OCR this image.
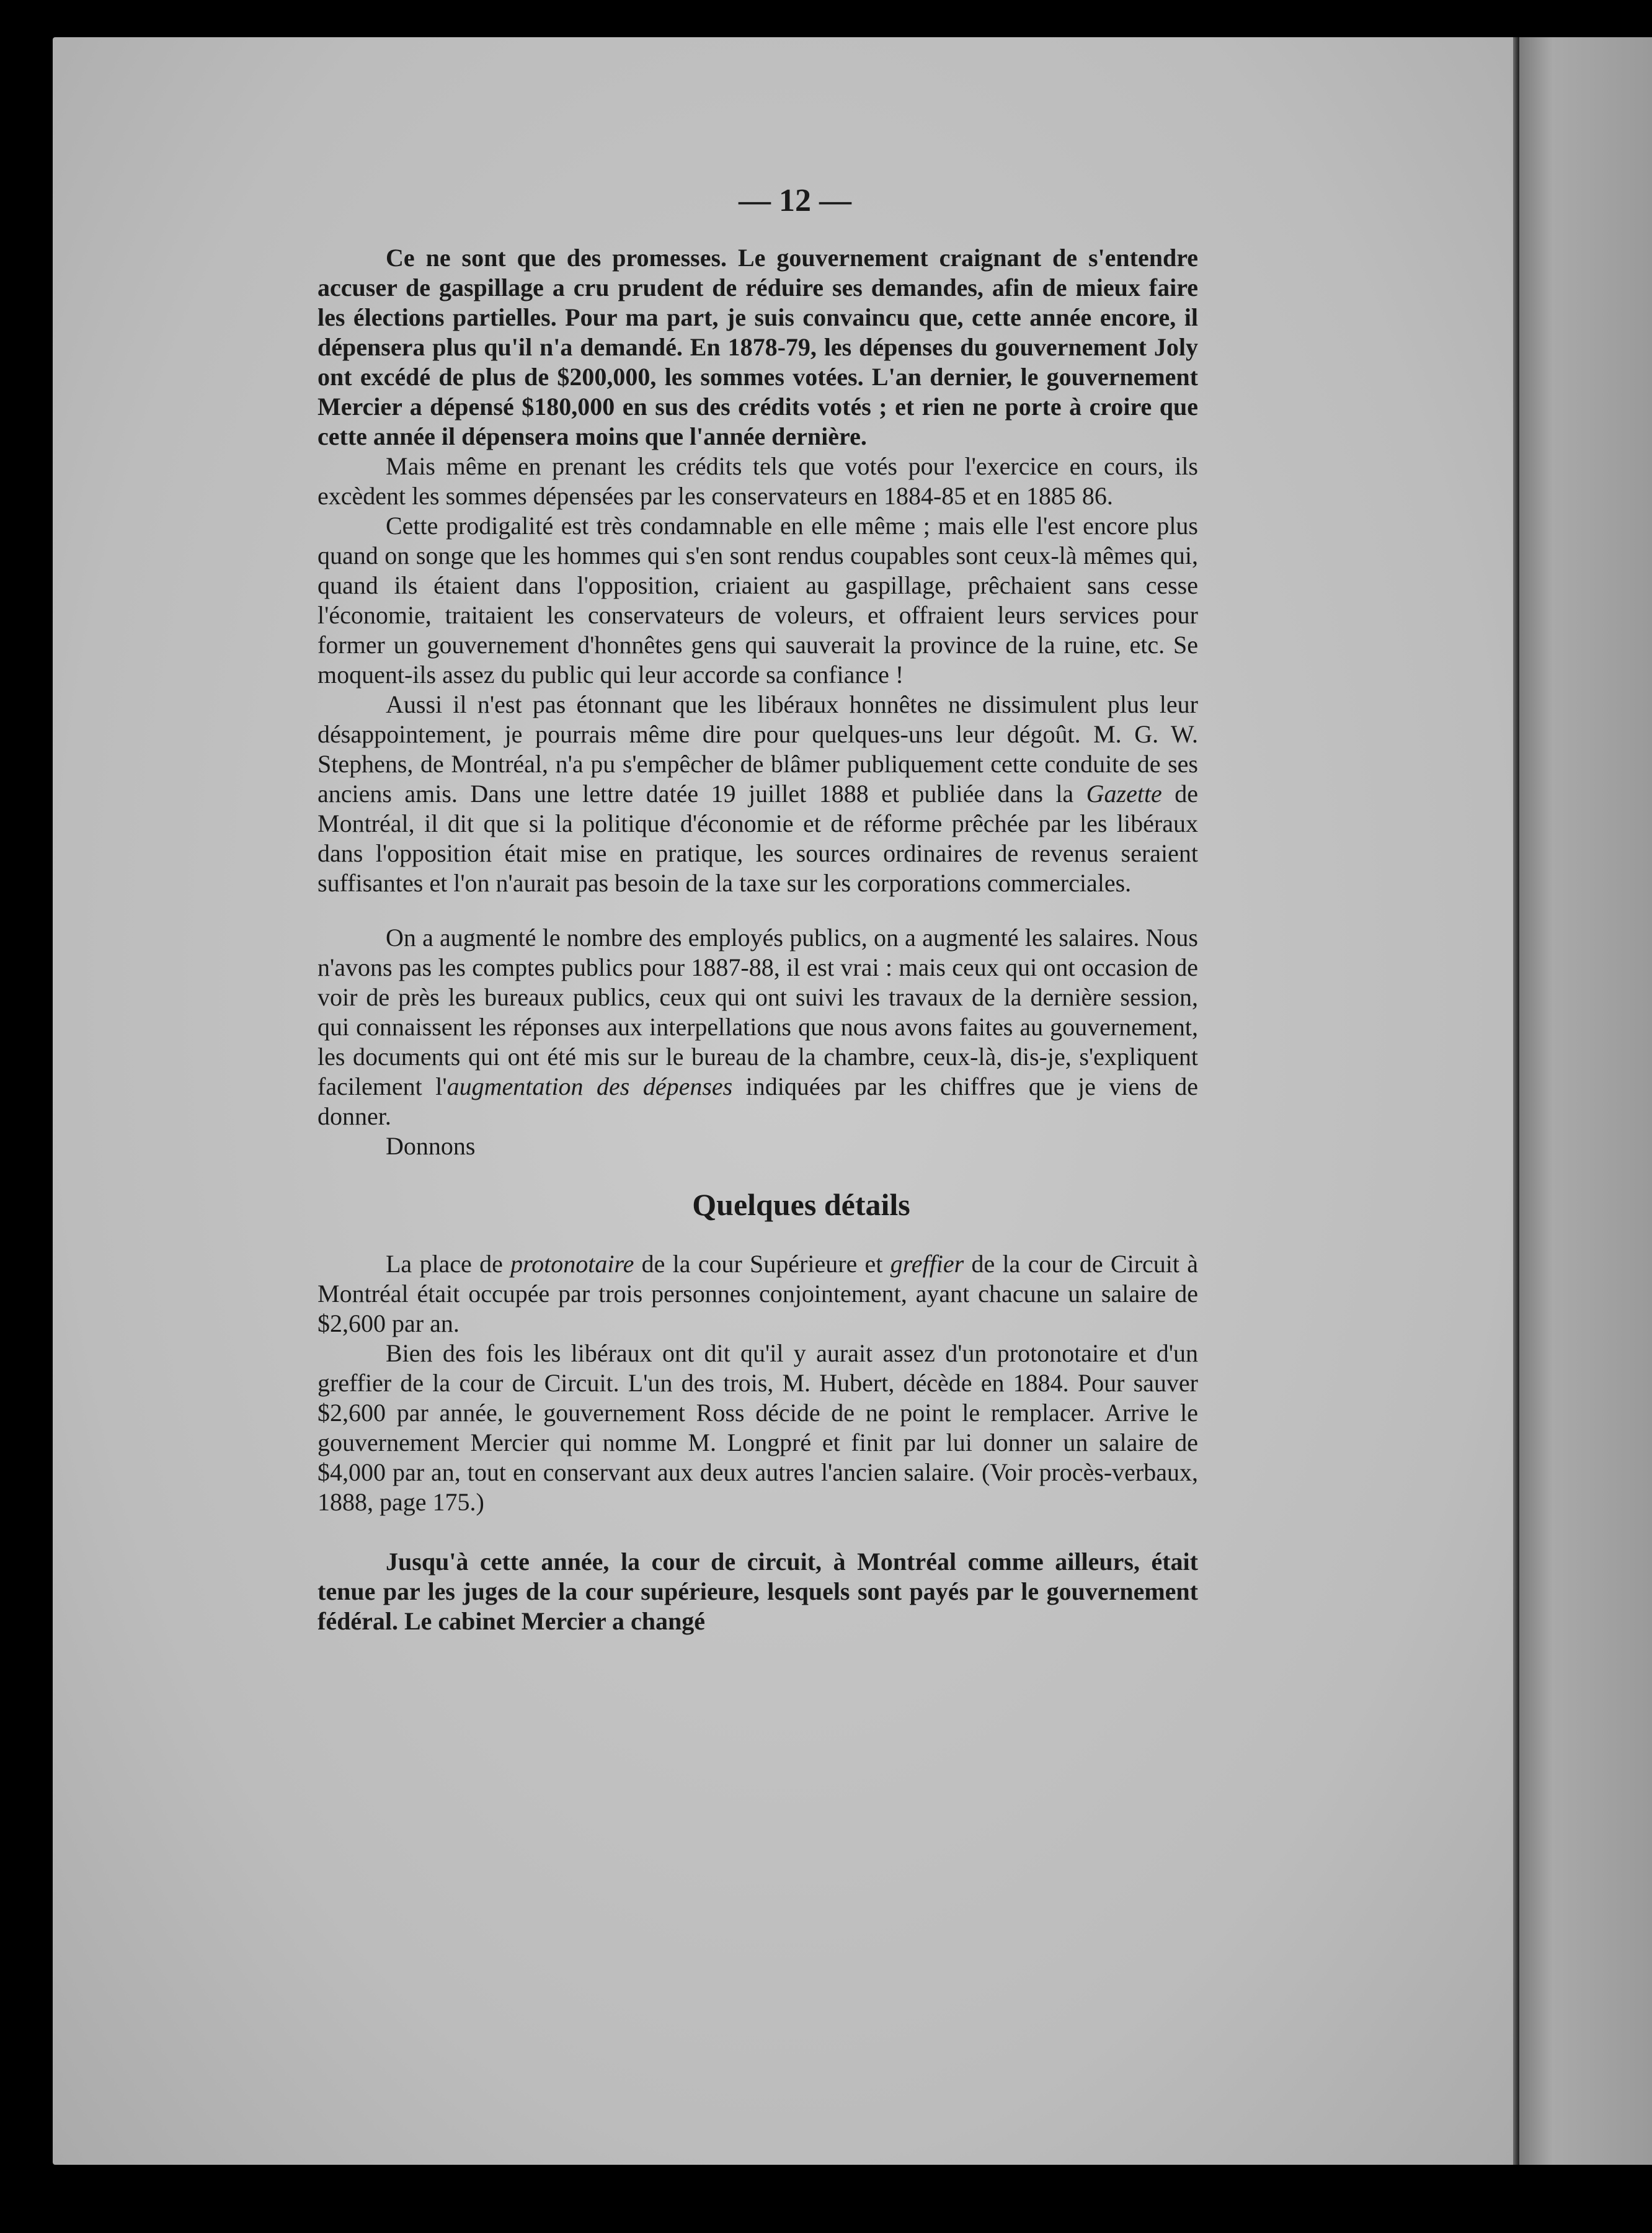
— 12 —

Ce ne sont que des promesses. Le gouvernement craignant de s'entendre accuser de gaspillage a cru prudent de réduire ses demandes, afin de mieux faire les élections partielles. Pour ma part, je suis convaincu que, cette année encore, il dépensera plus qu'il n'a demandé. En 1878-79, les dépenses du gouvernement Joly ont excédé de plus de $200,000, les sommes votées. L'an dernier, le gouvernement Mercier a dépensé $180,000 en sus des crédits votés ; et rien ne porte à croire que cette année il dépensera moins que l'année dernière.

Mais même en prenant les crédits tels que votés pour l'exercice en cours, ils excèdent les sommes dépensées par les conservateurs en 1884-85 et en 1885 86.

Cette prodigalité est très condamnable en elle même ; mais elle l'est encore plus quand on songe que les hommes qui s'en sont rendus coupables sont ceux-là mêmes qui, quand ils étaient dans l'opposition, criaient au gaspillage, prêchaient sans cesse l'économie, traitaient les conservateurs de voleurs, et offraient leurs services pour former un gouvernement d'honnêtes gens qui sauverait la province de la ruine, etc. Se moquent-ils assez du public qui leur accorde sa confiance !

Aussi il n'est pas étonnant que les libéraux honnêtes ne dissimulent plus leur désappointement, je pourrais même dire pour quelques-uns leur dégoût. M. G. W. Stephens, de Montréal, n'a pu s'empêcher de blâmer publiquement cette conduite de ses anciens amis. Dans une lettre datée 19 juillet 1888 et publiée dans la Gazette de Montréal, il dit que si la politique d'économie et de réforme prêchée par les libéraux dans l'opposition était mise en pratique, les sources ordinaires de revenus seraient suffisantes et l'on n'aurait pas besoin de la taxe sur les corporations commerciales.

On a augmenté le nombre des employés publics, on a augmenté les salaires. Nous n'avons pas les comptes publics pour 1887-88, il est vrai : mais ceux qui ont occasion de voir de près les bureaux publics, ceux qui ont suivi les travaux de la dernière session, qui connaissent les réponses aux interpellations que nous avons faites au gouvernement, les documents qui ont été mis sur le bureau de la chambre, ceux-là, dis-je, s'expliquent facilement l'augmentation des dépenses indiquées par les chiffres que je viens de donner.

Donnons

Quelques détails

La place de protonotaire de la cour Supérieure et greffier de la cour de Circuit à Montréal était occupée par trois personnes conjointement, ayant chacune un salaire de $2,600 par an.

Bien des fois les libéraux ont dit qu'il y aurait assez d'un protonotaire et d'un greffier de la cour de Circuit. L'un des trois, M. Hubert, décède en 1884. Pour sauver $2,600 par année, le gouvernement Ross décide de ne point le remplacer. Arrive le gouvernement Mercier qui nomme M. Longpré et finit par lui donner un salaire de $4,000 par an, tout en conservant aux deux autres l'ancien salaire. (Voir procès-verbaux, 1888, page 175.)

Jusqu'à cette année, la cour de circuit, à Montréal comme ailleurs, était tenue par les juges de la cour supérieure, lesquels sont payés par le gouvernement fédéral. Le cabinet Mercier a changé
